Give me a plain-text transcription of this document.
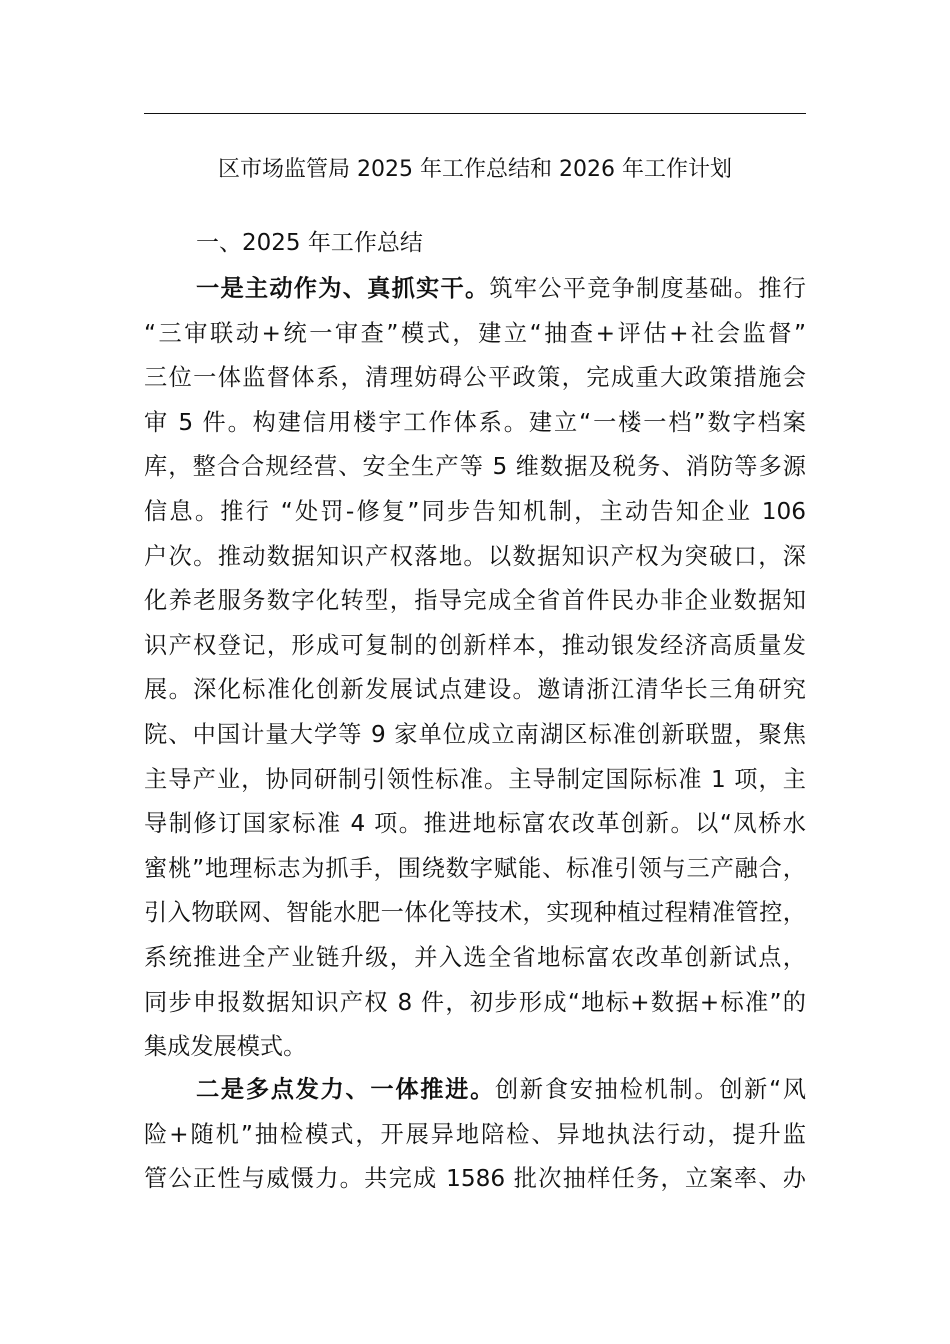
区市场监管局 2025 年工作总结和 2026 年工作计划
一、2025 年工作总结
一是主动作为、真抓实干。筑牢公平竞争制度基础。推行
“三审联动+统一审查”模式，建立“抽查+评估+社会监督”
三位一体监督体系，清理妨碍公平政策，完成重大政策措施会
审 5 件。构建信用楼宇工作体系。建立“一楼一档”数字档案
库，整合合规经营、安全生产等 5 维数据及税务、消防等多源
信息。推行 “处罚-修复”同步告知机制，主动告知企业 106
户次。推动数据知识产权落地。以数据知识产权为突破口，深
化养老服务数字化转型，指导完成全省首件民办非企业数据知
识产权登记，形成可复制的创新样本，推动银发经济高质量发
展。深化标准化创新发展试点建设。邀请浙江清华长三角研究
院、中国计量大学等 9 家单位成立南湖区标准创新联盟，聚焦
主导产业，协同研制引领性标准。主导制定国际标准 1 项，主
导制修订国家标准 4 项。推进地标富农改革创新。以“凤桥水
蜜桃”地理标志为抓手，围绕数字赋能、标准引领与三产融合，
引入物联网、智能水肥一体化等技术，实现种植过程精准管控，
系统推进全产业链升级，并入选全省地标富农改革创新试点，
同步申报数据知识产权 8 件，初步形成“地标+数据+标准”的
集成发展模式。
二是多点发力、一体推进。创新食安抽检机制。创新“风
险+随机”抽检模式，开展异地陪检、异地执法行动，提升监
管公正性与威慑力。共完成 1586 批次抽样任务，立案率、办
